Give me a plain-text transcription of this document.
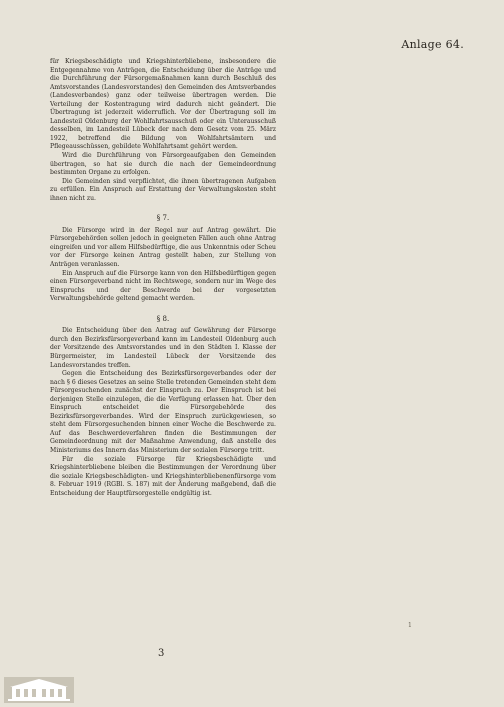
Anlage 64.

für Kriegsbeschädigte und Kriegshinterbliebene, insbesondere die Entgegennahme von Anträgen, die Entscheidung über die Anträge und die Durchführung der Fürsorgemaßnahmen kann durch Beschluß des Amtsvorstandes (Landesvorstandes) den Gemeinden des Amtsverbandes (Landesverbandes) ganz oder teilweise übertragen werden. Die Verteilung der Kostentragung wird dadurch nicht geändert. Die Übertragung ist jederzeit widerruflich. Vor der Übertragung soll im Landesteil Oldenburg der Wohlfahrtsausschuß oder ein Unterausschuß desselben, im Landesteil Lübeck der nach dem Gesetz vom 25. März 1922, betreffend die Bildung von Wohlfahrtsämtern und Pflegeausschüssen, gebildete Wohlfahrtsamt gehört werden.

Wird die Durchführung von Fürsorgeaufgaben den Gemeinden übertragen, so hat sie durch die nach der Gemeindeordnung bestimmten Organe zu erfolgen.

Die Gemeinden sind verpflichtet, die ihnen übertragenen Aufgaben zu erfüllen. Ein Anspruch auf Erstattung der Verwaltungskosten steht ihnen nicht zu.

§ 7.

Die Fürsorge wird in der Regel nur auf Antrag gewährt. Die Fürsorgebehörden sollen jedoch in geeigneten Fällen auch ohne Antrag eingreifen und vor allem Hilfsbedürftige, die aus Unkenntnis oder Scheu vor der Fürsorge keinen Antrag gestellt haben, zur Stellung von Anträgen veranlassen.

Ein Anspruch auf die Fürsorge kann von den Hilfsbedürftigen gegen einen Fürsorgeverband nicht im Rechtswege, sondern nur im Wege des Einspruchs und der Beschwerde bei der vorgesetzten Verwaltungsbehörde geltend gemacht werden.

§ 8.

Die Entscheidung über den Antrag auf Gewährung der Fürsorge durch den Bezirksfürsorgeverband kann im Landesteil Oldenburg auch der Vorsitzende des Amtsvorstandes und in den Städten I. Klasse der Bürgermeister, im Landesteil Lübeck der Vorsitzende des Landesvorstandes treffen.

Gegen die Entscheidung des Bezirksfürsorgeverbandes oder der nach § 6 dieses Gesetzes an seine Stelle tretenden Gemeinden steht dem Fürsorgesuchenden zunächst der Einspruch zu. Der Einspruch ist bei derjenigen Stelle einzulegen, die die Verfügung erlassen hat. Über den Einspruch entscheidet die Fürsorgebehörde des Bezirksfürsorgeverbandes. Wird der Einspruch zurückgewiesen, so steht dem Fürsorgesuchenden binnen einer Woche die Beschwerde zu. Auf das Beschwerdeverfahren finden die Bestimmungen der Gemeindeordnung mit der Maßnahme Anwendung, daß anstelle des Ministeriums des Innern das Ministerium der sozialen Fürsorge tritt.

Für die soziale Fürsorge für Kriegsbeschädigte und Kriegshinterbliebene bleiben die Bestimmungen der Verordnung über die soziale Kriegsbeschädigten- und Kriegshinterbliebenenfürsorge vom 8. Februar 1919 (RGBl. S. 187) mit der Änderung maßgebend, daß die Entscheidung der Hauptfürsorgestelle endgültig ist.

1
3
